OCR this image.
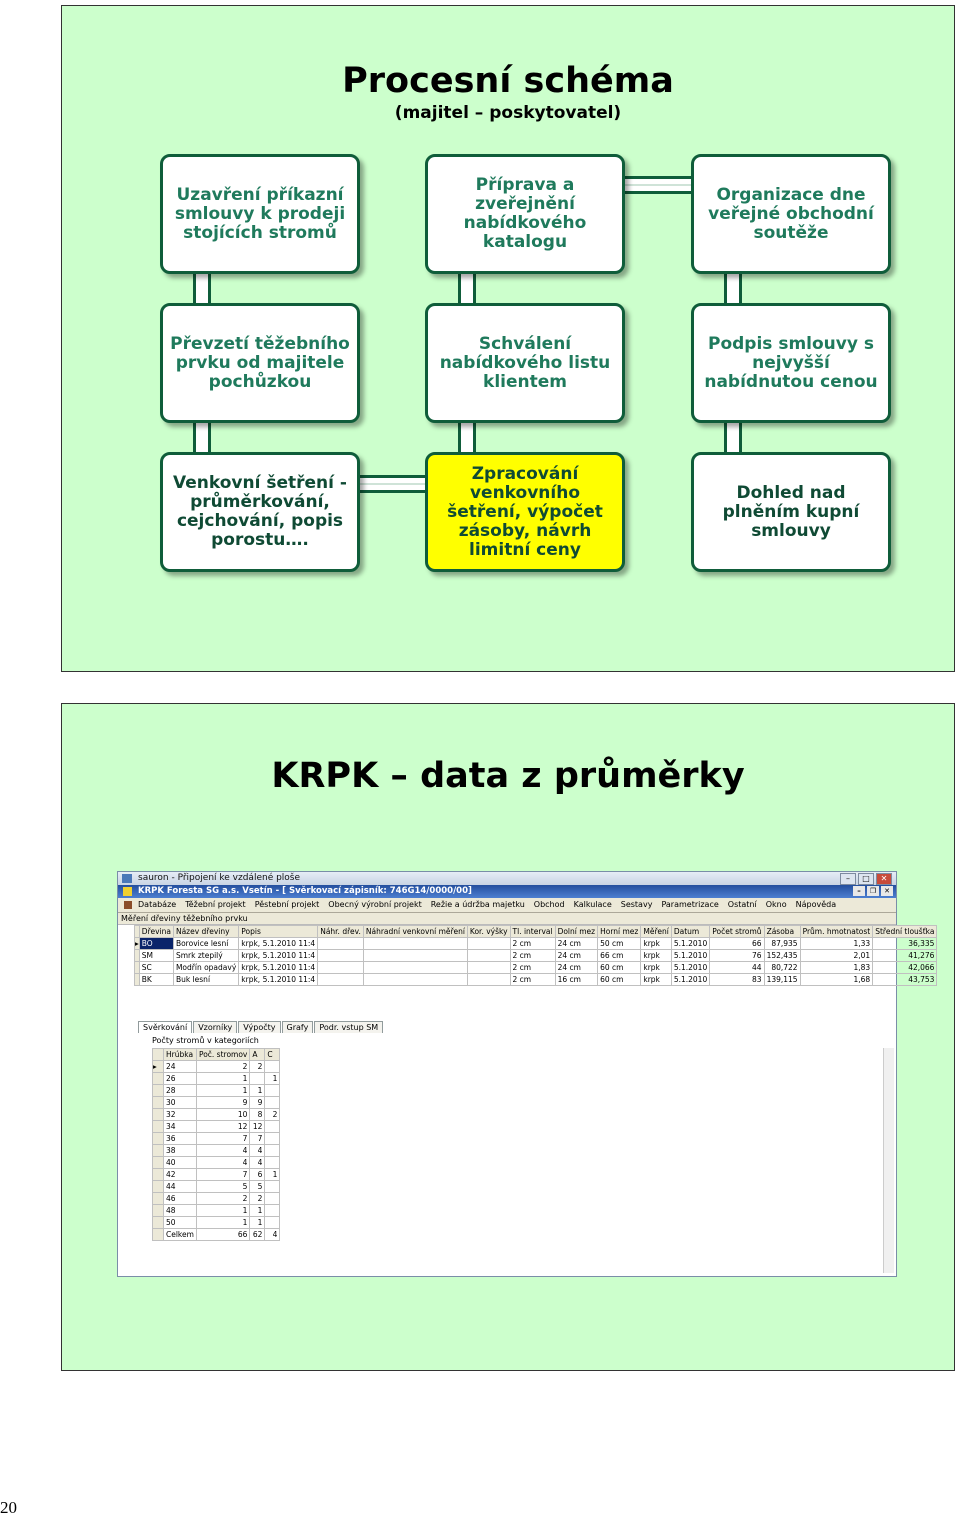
Procesní schéma
(majitel – poskytovatel)
Uzavření příkazní smlouvy k prodeji stojících stromů
Příprava a zveřejnění nabídkového katalogu
Organizace dne veřejné obchodní soutěže
Převzetí těžebního prvku od majitele pochůzkou
Schválení nabídkového listu klientem
Podpis smlouvy s nejvyšší nabídnutou cenou
Venkovní šetření - průměrkování, cejchování, popis porostu….
Zpracování venkovního šetření, výpočet zásoby, návrh limitní ceny
Dohled nad plněním kupní smlouvy
KRPK – data z průměrky
sauron - Připojení ke vzdálené ploše	–	□	✕
KRPK Foresta SG a.s. Vsetín - [ Svěrkovací zápisník: 746G14/0000/00]	–	❐	✕
Databáze Těžební projekt Pěstební projekt Obecný výrobní projekt Režie a údržba majetku Obchod Kalkulace Sestavy Parametrizace Ostatní Okno Nápověda
Měření dřeviny těžebního prvku
	Dřevina	Název dřeviny	Popis	Náhr. dřev.	Náhradní venkovní měření	Kor. výšky	Tl. interval	Dolní mez	Horní mez	Měření	Datum	Počet stromů	Zásoba	Prům. hmotnatost	Střední tloušťka
▸	BO	Borovice lesní	krpk, 5.1.2010 11:4				2 cm	24 cm	50 cm	krpk	5.1.2010	66	87,935	1,33	36,335
	SM	Smrk ztepilý	krpk, 5.1.2010 11:4				2 cm	24 cm	66 cm	krpk	5.1.2010	76	152,435	2,01	41,276
	SC	Modřín opadavý	krpk, 5.1.2010 11:4				2 cm	24 cm	60 cm	krpk	5.1.2010	44	80,722	1,83	42,066
	BK	Buk lesní	krpk, 5.1.2010 11:4				2 cm	16 cm	60 cm	krpk	5.1.2010	83	139,115	1,68	43,753
Svěrkování	Vzorníky	Výpočty	Grafy	Podr. vstup SM
Počty stromů v kategoriích
	Hrúbka	Poč. stromov	A	C
▸	24	2	2	
	26	1		1
	28	1	1	
	30	9	9	
	32	10	8	2
	34	12	12	
	36	7	7	
	38	4	4	
	40	4	4	
	42	7	6	1
	44	5	5	
	46	2	2	
	48	1	1	
	50	1	1	
	Celkem	66	62	4
20
